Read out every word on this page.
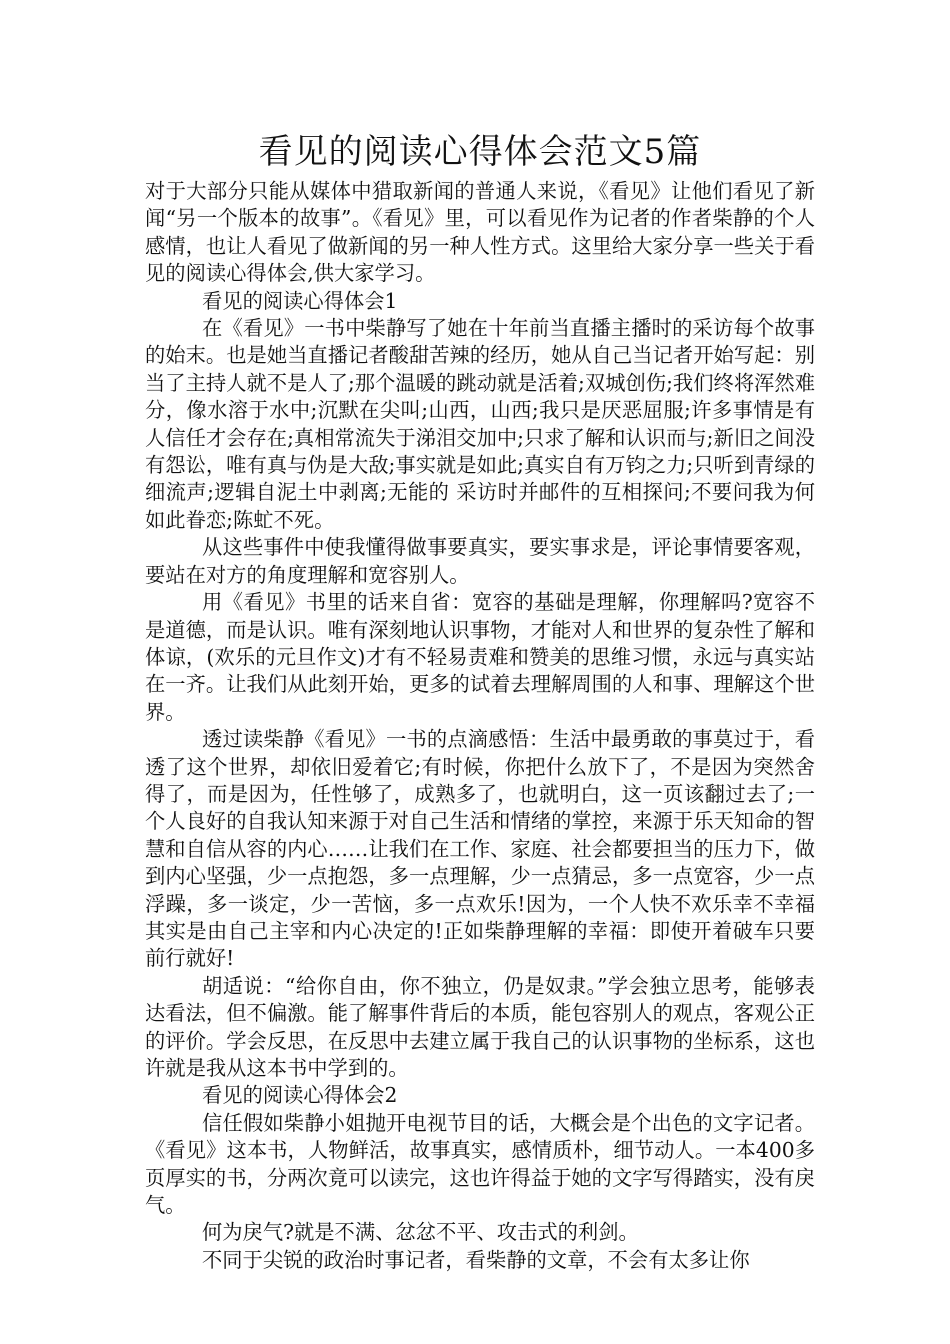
看见的阅读心得体会范文5篇

对于大部分只能从媒体中猎取新闻的普通人来说，《看见》让他们看见了新闻“另一个版本的故事”。《看见》里，可以看见作为记者的作者柴静的个人感情，也让人看见了做新闻的另一种人性方式。这里给大家分享一些关于看见的阅读心得体会,供大家学习。

看见的阅读心得体会1

在《看见》一书中柴静写了她在十年前当直播主播时的采访每个故事的始末。也是她当直播记者酸甜苦辣的经历，她从自己当记者开始写起：别当了主持人就不是人了;那个温暖的跳动就是活着;双城创伤;我们终将浑然难分，像水溶于水中;沉默在尖叫;山西，山西;我只是厌恶屈服;许多事情是有人信任才会存在;真相常流失于涕泪交加中;只求了解和认识而与;新旧之间没有怨讼，唯有真与伪是大敌;事实就是如此;真实自有万钧之力;只听到青绿的细流声;逻辑自泥土中剥离;无能的 采访时并邮件的互相探问;不要问我为何如此眷恋;陈虻不死。

从这些事件中使我懂得做事要真实，要实事求是，评论事情要客观，要站在对方的角度理解和宽容别人。

用《看见》书里的话来自省：宽容的基础是理解，你理解吗?宽容不是道德，而是认识。唯有深刻地认识事物，才能对人和世界的复杂性了解和体谅，(欢乐的元旦作文)才有不轻易责难和赞美的思维习惯，永远与真实站在一齐。让我们从此刻开始，更多的试着去理解周围的人和事、理解这个世界。

透过读柴静《看见》一书的点滴感悟：生活中最勇敢的事莫过于，看透了这个世界，却依旧爱着它;有时候，你把什么放下了，不是因为突然舍得了，而是因为，任性够了，成熟多了，也就明白，这一页该翻过去了;一个人良好的自我认知来源于对自己生活和情绪的掌控，来源于乐天知命的智慧和自信从容的内心……让我们在工作、家庭、社会都要担当的压力下，做到内心坚强，少一点抱怨，多一点理解，少一点猜忌，多一点宽容，少一点浮躁，多一谈定，少一苦恼，多一点欢乐!因为，一个人快不欢乐幸不幸福其实是由自己主宰和内心决定的!正如柴静理解的幸福：即使开着破车只要前行就好!

胡适说：“给你自由，你不独立，仍是奴隶。”学会独立思考，能够表达看法，但不偏激。能了解事件背后的本质，能包容别人的观点，客观公正的评价。学会反思，在反思中去建立属于我自己的认识事物的坐标系，这也许就是我从这本书中学到的。

看见的阅读心得体会2

信任假如柴静小姐抛开电视节目的话，大概会是个出色的文字记者。《看见》这本书，人物鲜活，故事真实，感情质朴，细节动人。一本400多页厚实的书，分两次竟可以读完，这也许得益于她的文字写得踏实，没有戾气。

何为戾气?就是不满、忿忿不平、攻击式的利剑。

不同于尖锐的政治时事记者，看柴静的文章，不会有太多让你
